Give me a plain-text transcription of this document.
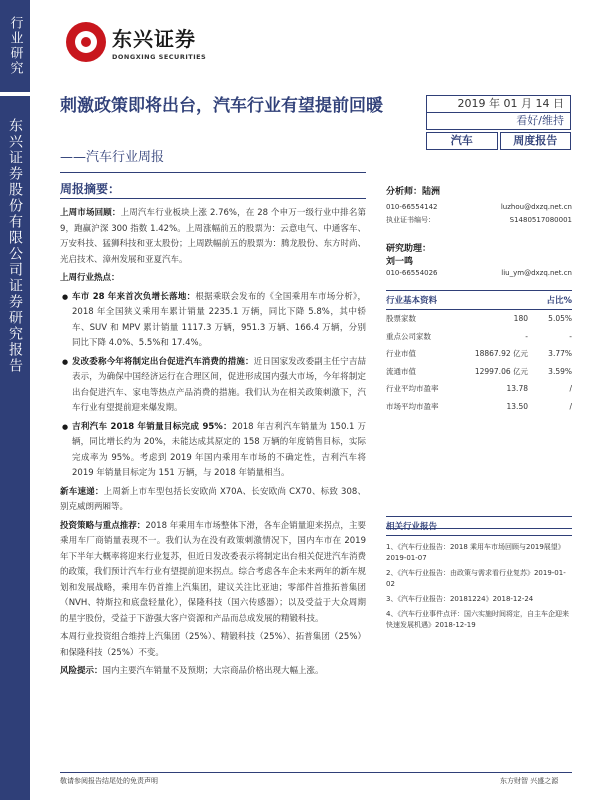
行业研究
东兴证券股份有限公司证券研究报告
东兴证券
DONGXING SECURITIES
刺激政策即将出台，汽车行业有望提前回暖
——汽车行业周报
2019 年 01 月 14 日
看好/维持
汽车	周度报告
周报摘要：

上周市场回顾：上周汽车行业板块上涨 2.76%，在 28 个申万一级行业中排名第 9，跑赢沪深 300 指数 1.42%。上周涨幅前五的股票为：云意电气、中通客车、万安科技、猛狮科技和亚太股份；上周跌幅前五的股票为：腾龙股份、东方时尚、光启技术、漳州发展和亚夏汽车。

上周行业热点：

● 车市 28 年来首次负增长落地：根据乘联会发布的《全国乘用车市场分析》，2018 年全国狭义乘用车累计销量 2235.1 万辆，同比下降 5.8%，其中轿车、SUV 和 MPV 累计销量 1117.3 万辆，951.3 万辆、166.4 万辆，分别同比下降 4.0%、5.5%和 17.4%。

● 发改委称今年将制定出台促进汽车消费的措施：近日国家发改委副主任宁吉喆表示，为确保中国经济运行在合理区间，促进形成国内强大市场，今年将制定出台促进汽车、家电等热点产品消费的措施。我们认为在相关政策刺激下，汽车行业有望提前迎来爆发期。

● 吉利汽车 2018 年销量目标完成 95%：2018 年吉利汽车销量为 150.1 万辆，同比增长约为 20%，未能达成其原定的 158 万辆的年度销售目标，实际完成率为 95%。考虑到 2019 年国内乘用车市场的不确定性，吉利汽车将 2019 年销量目标定为 151 万辆，与 2018 年销量相当。

新车速递：上周新上市车型包括长安欧尚 X70A、长安欧尚 CX70、标致 308、别克威朗两厢等。

投资策略与重点推荐：2018 年乘用车市场整体下滑，各车企销量迎来拐点，主要乘用车厂商销量表现不一。我们认为在没有政策刺激情况下，国内车市在 2019 年下半年大概率将迎来行业复苏，但近日发改委表示将制定出台相关促进汽车消费的政策，我们预计汽车行业有望提前迎来拐点。综合考虑各车企未来两年的新车规划和发展战略，乘用车仍首推上汽集团，建议关注比亚迪；零部件首推拓普集团（NVH、特斯拉和底盘轻量化），保隆科技（国六传感器）；以及受益于大众周期的星宇股份，受益于下游强大客户资源和产品而总成发展的精锻科技。

本周行业投资组合维持上汽集团（25%）、精锻科技（25%）、拓普集团（25%）和保隆科技（25%）不变。

风险提示：国内主要汽车销量不及预期；大宗商品价格出现大幅上涨。

分析师：陆洲
010-66554142	luzhou@dxzq.net.cn
执业证书编号：	S1480517080001
研究助理：
刘一鸣
010-66554026	liu_ym@dxzq.net.cn
行业基本资料	占比%
股票家数	180	5.05%
重点公司家数	-	-
行业市值	18867.92 亿元	3.77%
流通市值	12997.06 亿元	3.59%
行业平均市盈率	13.78	/
市场平均市盈率	13.50	/
相关行业报告
1、《汽车行业报告：2018 乘用车市场回顾与2019展望》2019-01-07
2、《汽车行业报告：由政策与需求看行业复苏》2019-01-02
3、《汽车行业报告：20181224》2018-12-24
4、《汽车行业事件点评：国六实施时间将定，自主车企迎来快速发展机遇》2018-12-19
敬请参阅报告结尾处的免责声明	东方财智 兴盛之源
